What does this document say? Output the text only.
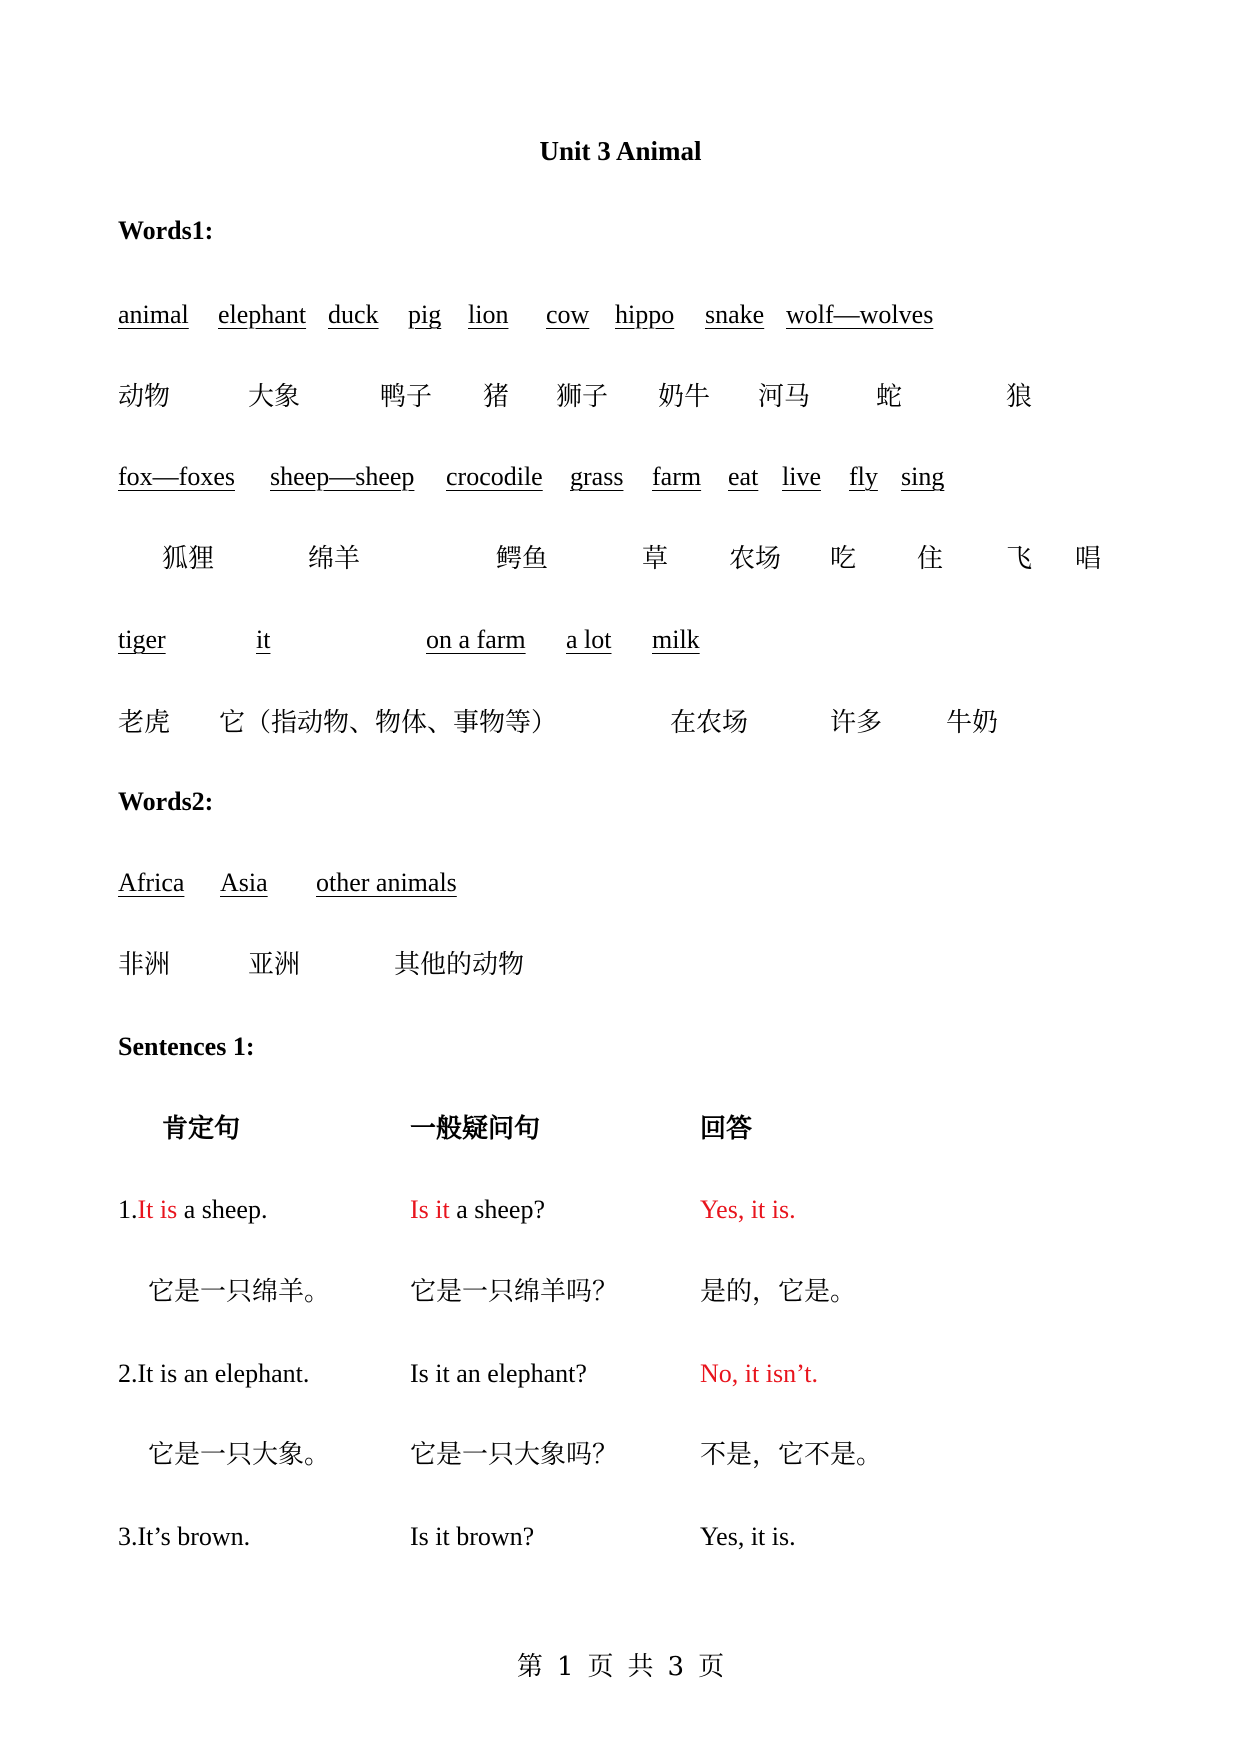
Unit 3 Animal
Words1:
animal elephant duck pig lion cow hippo snake wolf—wolves
动物	大象	鸭子 猪 狮子 奶牛 河马	蛇	狼
fox—foxes sheep—sheep crocodile grass farm eat live fly sing
狐狸	绵羊	鳄鱼	草 农场 吃 住 飞 唱
tiger	it	on a farm	a lot	milk
老虎 它（指动物、物体、事物等）	在农场	许多 牛奶
Words2:
Africa	Asia	other animals
非洲	亚洲	其他的动物
Sentences 1:
肯定句	一般疑问句	回答
1.It is a sheep.	Is it a sheep?	Yes, it is.
它是一只绵羊。	它是一只绵羊吗？	是的，它是。
2.It is an elephant.	Is it an elephant?	No, it isn’t.
它是一只大象。	它是一只大象吗？	不是，它不是。
3.It’s brown.	Is it brown?	Yes, it is.
第 1 页 共 3 页
